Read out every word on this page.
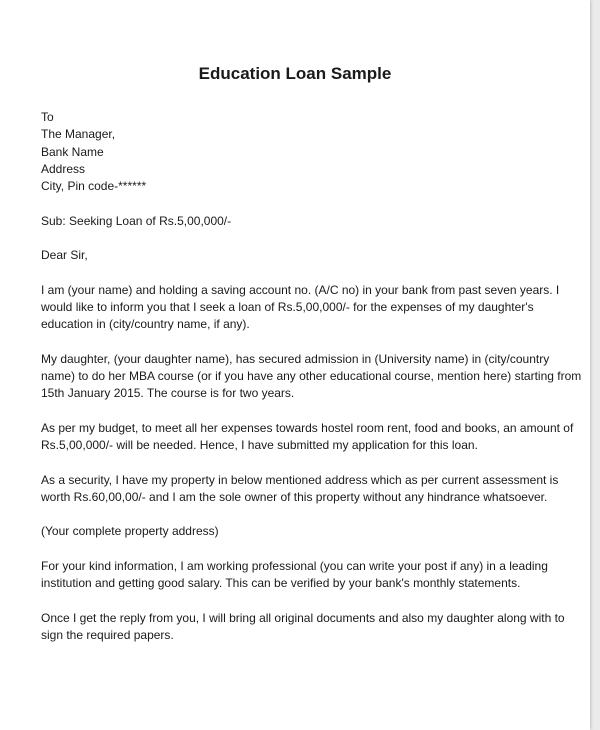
Education Loan Sample
To
The Manager,
Bank Name
Address
City, Pin code-******
Sub: Seeking Loan of Rs.5,00,000/-
Dear Sir,
I am (your name) and holding a saving account no. (A/C no) in your bank from past seven years. I
would like to inform you that I seek a loan of Rs.5,00,000/- for the expenses of my daughter's
education in (city/country name, if any).
My daughter, (your daughter name), has secured admission in (University name) in (city/country
name) to do her MBA course (or if you have any other educational course, mention here) starting from
15th January 2015. The course is for two years.
As per my budget, to meet all her expenses towards hostel room rent, food and books, an amount of
Rs.5,00,000/- will be needed. Hence, I have submitted my application for this loan.
As a security, I have my property in below mentioned address which as per current assessment is
worth Rs.60,00,00/- and I am the sole owner of this property without any hindrance whatsoever.
(Your complete property address)
For your kind information, I am working professional (you can write your post if any) in a leading
institution and getting good salary. This can be verified by your bank's monthly statements.
Once I get the reply from you, I will bring all original documents and also my daughter along with to
sign the required papers.
